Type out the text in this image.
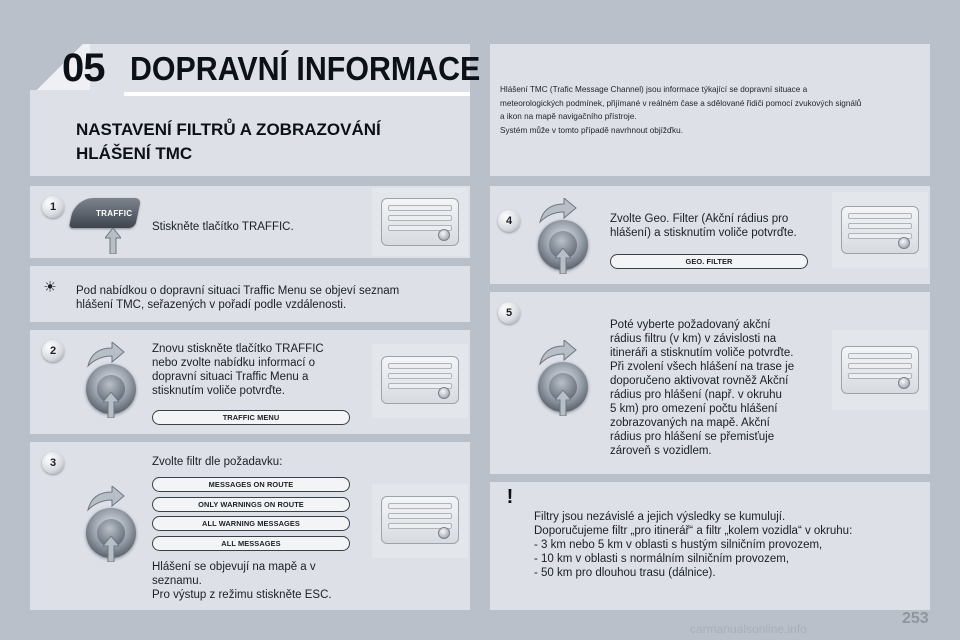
05 DOPRAVNÍ INFORMACE
NASTAVENÍ FILTRŮ A ZOBRAZOVÁNÍ
HLÁŠENÍ TMC
Hlášení TMC (Trafic Message Channel) jsou informace týkající se dopravní situace a
meteorologických podmínek, přijímané v reálném čase a sdělované řidiči pomocí zvukových signálů
a ikon na mapě navigačního přístroje.
Systém může v tomto případě navrhnout objížďku.
1
TRAFFIC
Stiskněte tlačítko TRAFFIC.
☀ Pod nabídkou o dopravní situaci Traffic Menu se objeví seznam
hlášení TMC, seřazených v pořadí podle vzdálenosti.
2	Znovu stiskněte tlačítko TRAFFIC
nebo zvolte nabídku informací o
dopravní situaci Traffic Menu a
stisknutím voliče potvrďte.
TRAFFIC MENU
3	Zvolte filtr dle požadavku:
MESSAGES ON ROUTE
ONLY WARNINGS ON ROUTE
ALL WARNING MESSAGES
ALL MESSAGES
Hlášení se objevují na mapě a v
seznamu.
Pro výstup z režimu stiskněte ESC.
4	Zvolte Geo. Filter (Akční rádius pro
hlášení) a stisknutím voliče potvrďte.
GEO. FILTER
5
Poté vyberte požadovaný akční
rádius filtru (v km) v závislosti na
itineráři a stisknutím voliče potvrďte.
Při zvolení všech hlášení na trase je
doporučeno aktivovat rovněž Akční
rádius pro hlášení (např. v okruhu
5 km) pro omezení počtu hlášení
zobrazovaných na mapě. Akční
rádius pro hlášení se přemisťuje
zároveň s vozidlem.
!
Filtry jsou nezávislé a jejich výsledky se kumulují.
Doporučujeme filtr „pro itinerář“ a filtr „kolem vozidla“ v okruhu:
- 3 km nebo 5 km v oblasti s hustým silničním provozem,
- 10 km v oblasti s normálním silničním provozem,
- 50 km pro dlouhou trasu (dálnice).
carmanualsonline.info
253
